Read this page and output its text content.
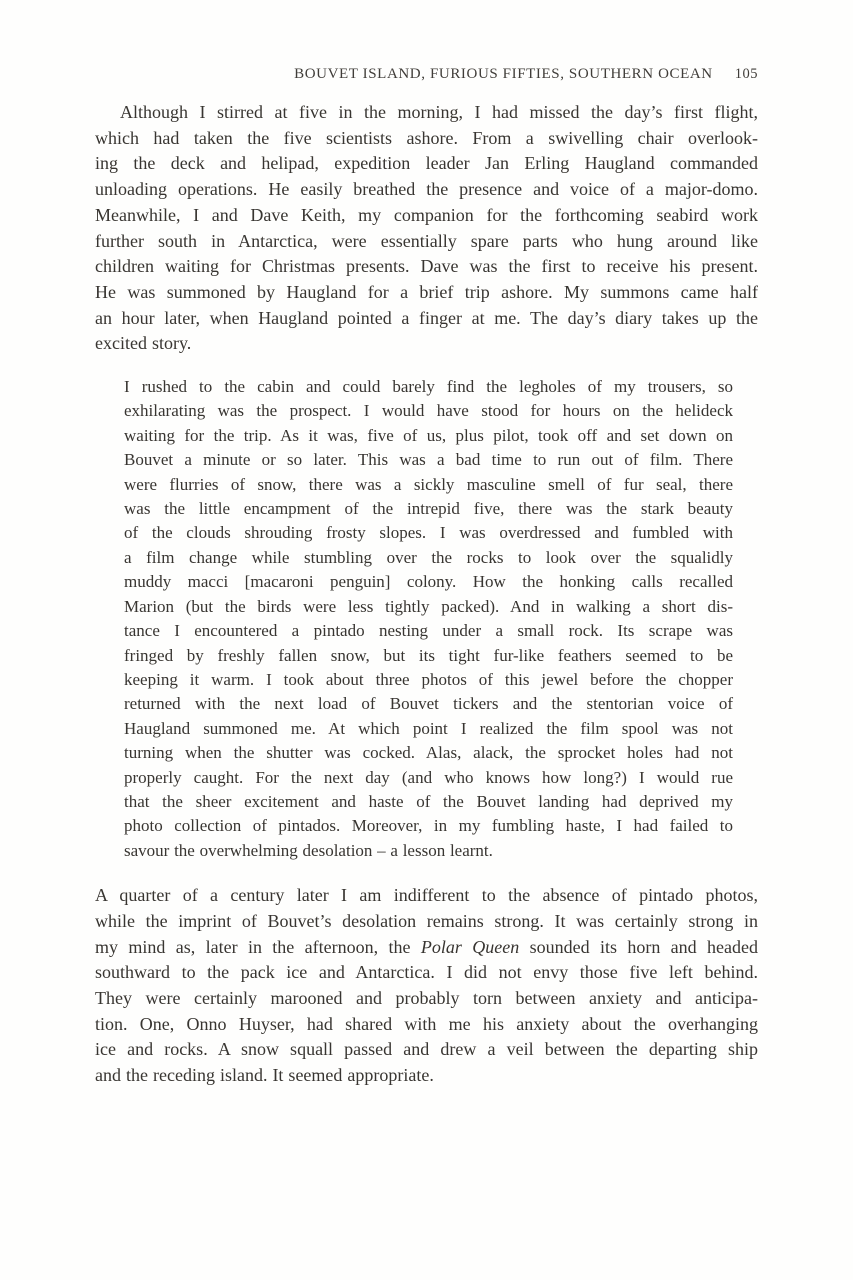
BOUVET ISLAND, FURIOUS FIFTIES, SOUTHERN OCEAN 105
Although I stirred at five in the morning, I had missed the day’s first flight,
which had taken the five scientists ashore. From a swivelling chair overlook-
ing the deck and helipad, expedition leader Jan Erling Haugland commanded
unloading operations. He easily breathed the presence and voice of a major-domo.
Meanwhile, I and Dave Keith, my companion for the forthcoming seabird work
further south in Antarctica, were essentially spare parts who hung around like
children waiting for Christmas presents. Dave was the first to receive his present.
He was summoned by Haugland for a brief trip ashore. My summons came half
an hour later, when Haugland pointed a finger at me. The day’s diary takes up the
excited story.
I rushed to the cabin and could barely find the legholes of my trousers, so
exhilarating was the prospect. I would have stood for hours on the helideck
waiting for the trip. As it was, five of us, plus pilot, took off and set down on
Bouvet a minute or so later. This was a bad time to run out of film. There
were flurries of snow, there was a sickly masculine smell of fur seal, there
was the little encampment of the intrepid five, there was the stark beauty
of the clouds shrouding frosty slopes. I was overdressed and fumbled with
a film change while stumbling over the rocks to look over the squalidly
muddy macci [macaroni penguin] colony. How the honking calls recalled
Marion (but the birds were less tightly packed). And in walking a short dis-
tance I encountered a pintado nesting under a small rock. Its scrape was
fringed by freshly fallen snow, but its tight fur-like feathers seemed to be
keeping it warm. I took about three photos of this jewel before the chopper
returned with the next load of Bouvet tickers and the stentorian voice of
Haugland summoned me. At which point I realized the film spool was not
turning when the shutter was cocked. Alas, alack, the sprocket holes had not
properly caught. For the next day (and who knows how long?) I would rue
that the sheer excitement and haste of the Bouvet landing had deprived my
photo collection of pintados. Moreover, in my fumbling haste, I had failed to
savour the overwhelming desolation – a lesson learnt.
A quarter of a century later I am indifferent to the absence of pintado photos,
while the imprint of Bouvet’s desolation remains strong. It was certainly strong in
my mind as, later in the afternoon, the Polar Queen sounded its horn and headed
southward to the pack ice and Antarctica. I did not envy those five left behind.
They were certainly marooned and probably torn between anxiety and anticipa-
tion. One, Onno Huyser, had shared with me his anxiety about the overhanging
ice and rocks. A snow squall passed and drew a veil between the departing ship
and the receding island. It seemed appropriate.
